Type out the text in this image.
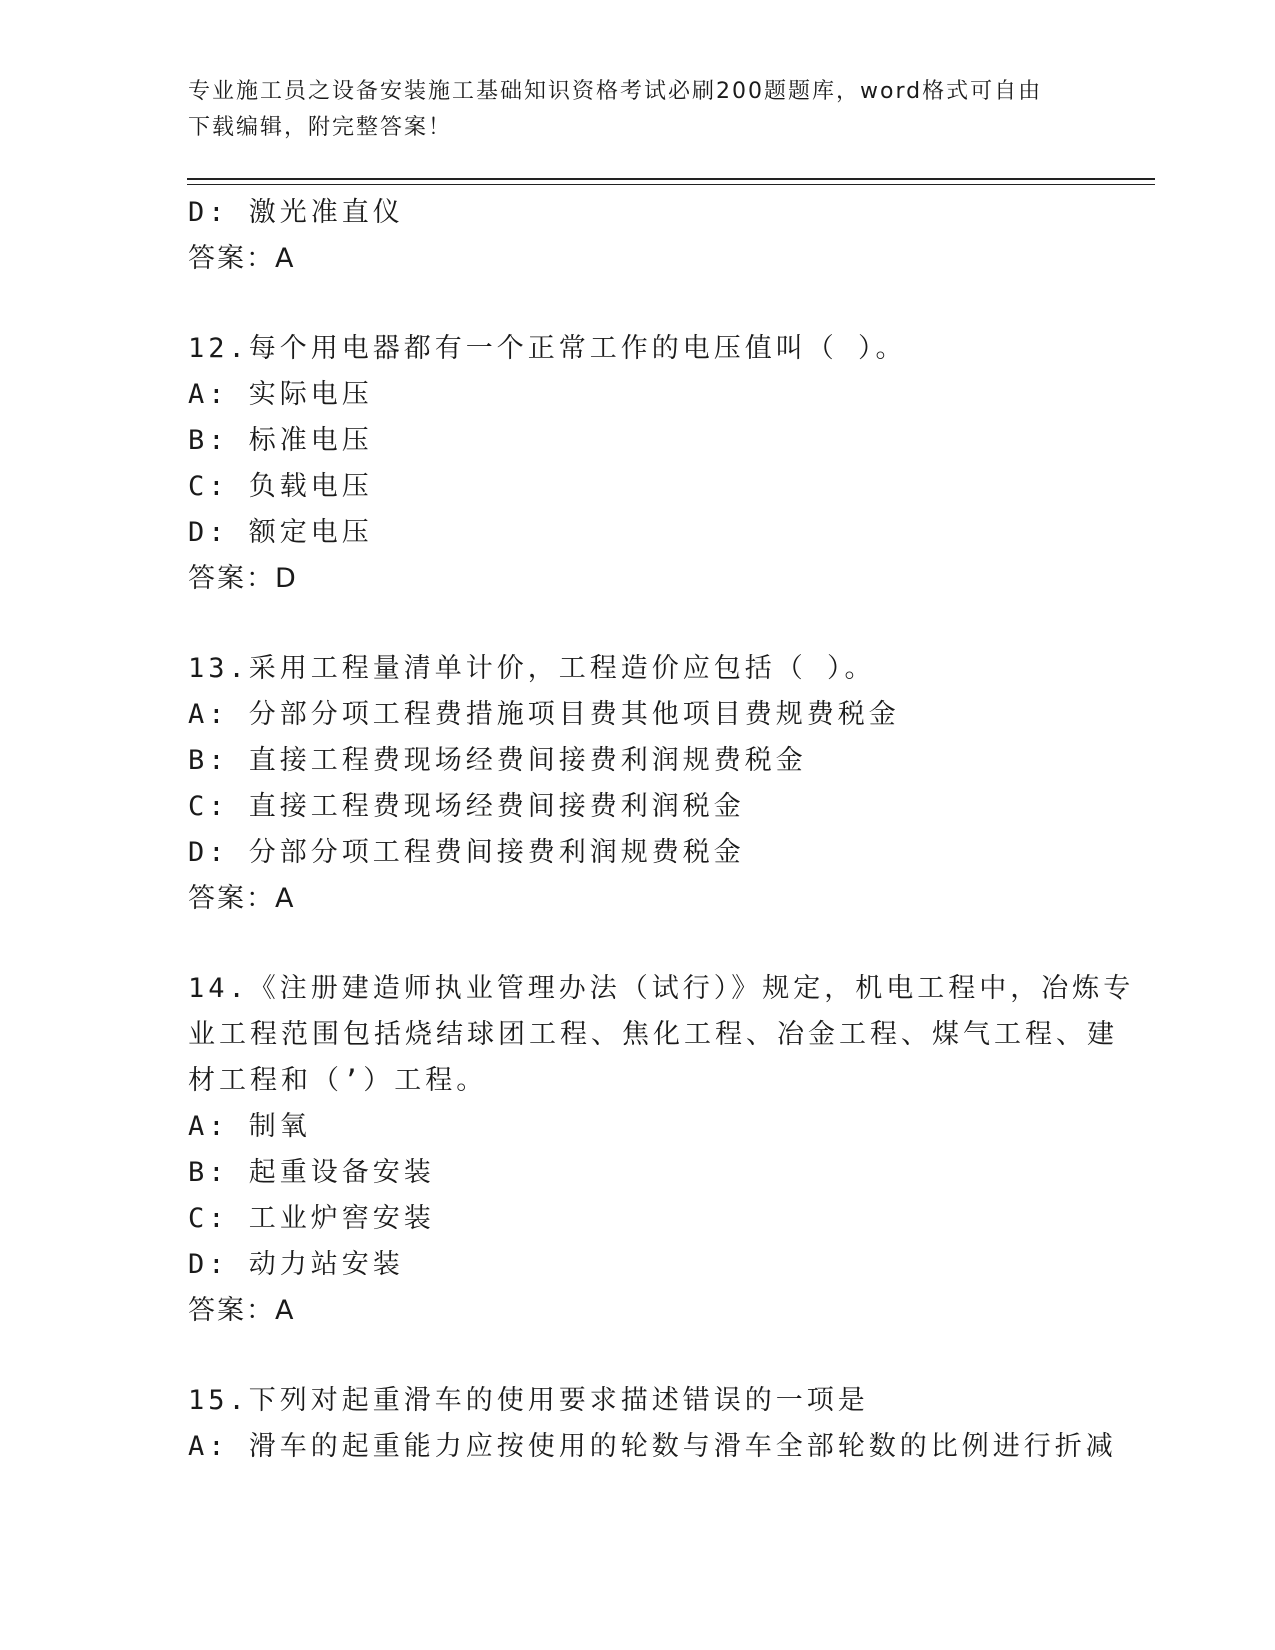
专业施工员之设备安装施工基础知识资格考试必刷200题题库，word格式可自由
下载编辑，附完整答案！
D: 激光准直仪
答案：A
12.每个用电器都有一个正常工作的电压值叫（ ）。
A: 实际电压
B: 标准电压
C: 负载电压
D: 额定电压
答案：D
13.采用工程量清单计价，工程造价应包括（ ）。
A: 分部分项工程费措施项目费其他项目费规费税金
B: 直接工程费现场经费间接费利润规费税金
C: 直接工程费现场经费间接费利润税金
D: 分部分项工程费间接费利润规费税金
答案：A
14.《注册建造师执业管理办法（试行）》规定，机电工程中，冶炼专
业工程范围包括烧结球团工程、焦化工程、冶金工程、煤气工程、建
材工程和（’）工程。
A: 制氧
B: 起重设备安装
C: 工业炉窖安装
D: 动力站安装
答案：A
15.下列对起重滑车的使用要求描述错误的一项是
A: 滑车的起重能力应按使用的轮数与滑车全部轮数的比例进行折减
